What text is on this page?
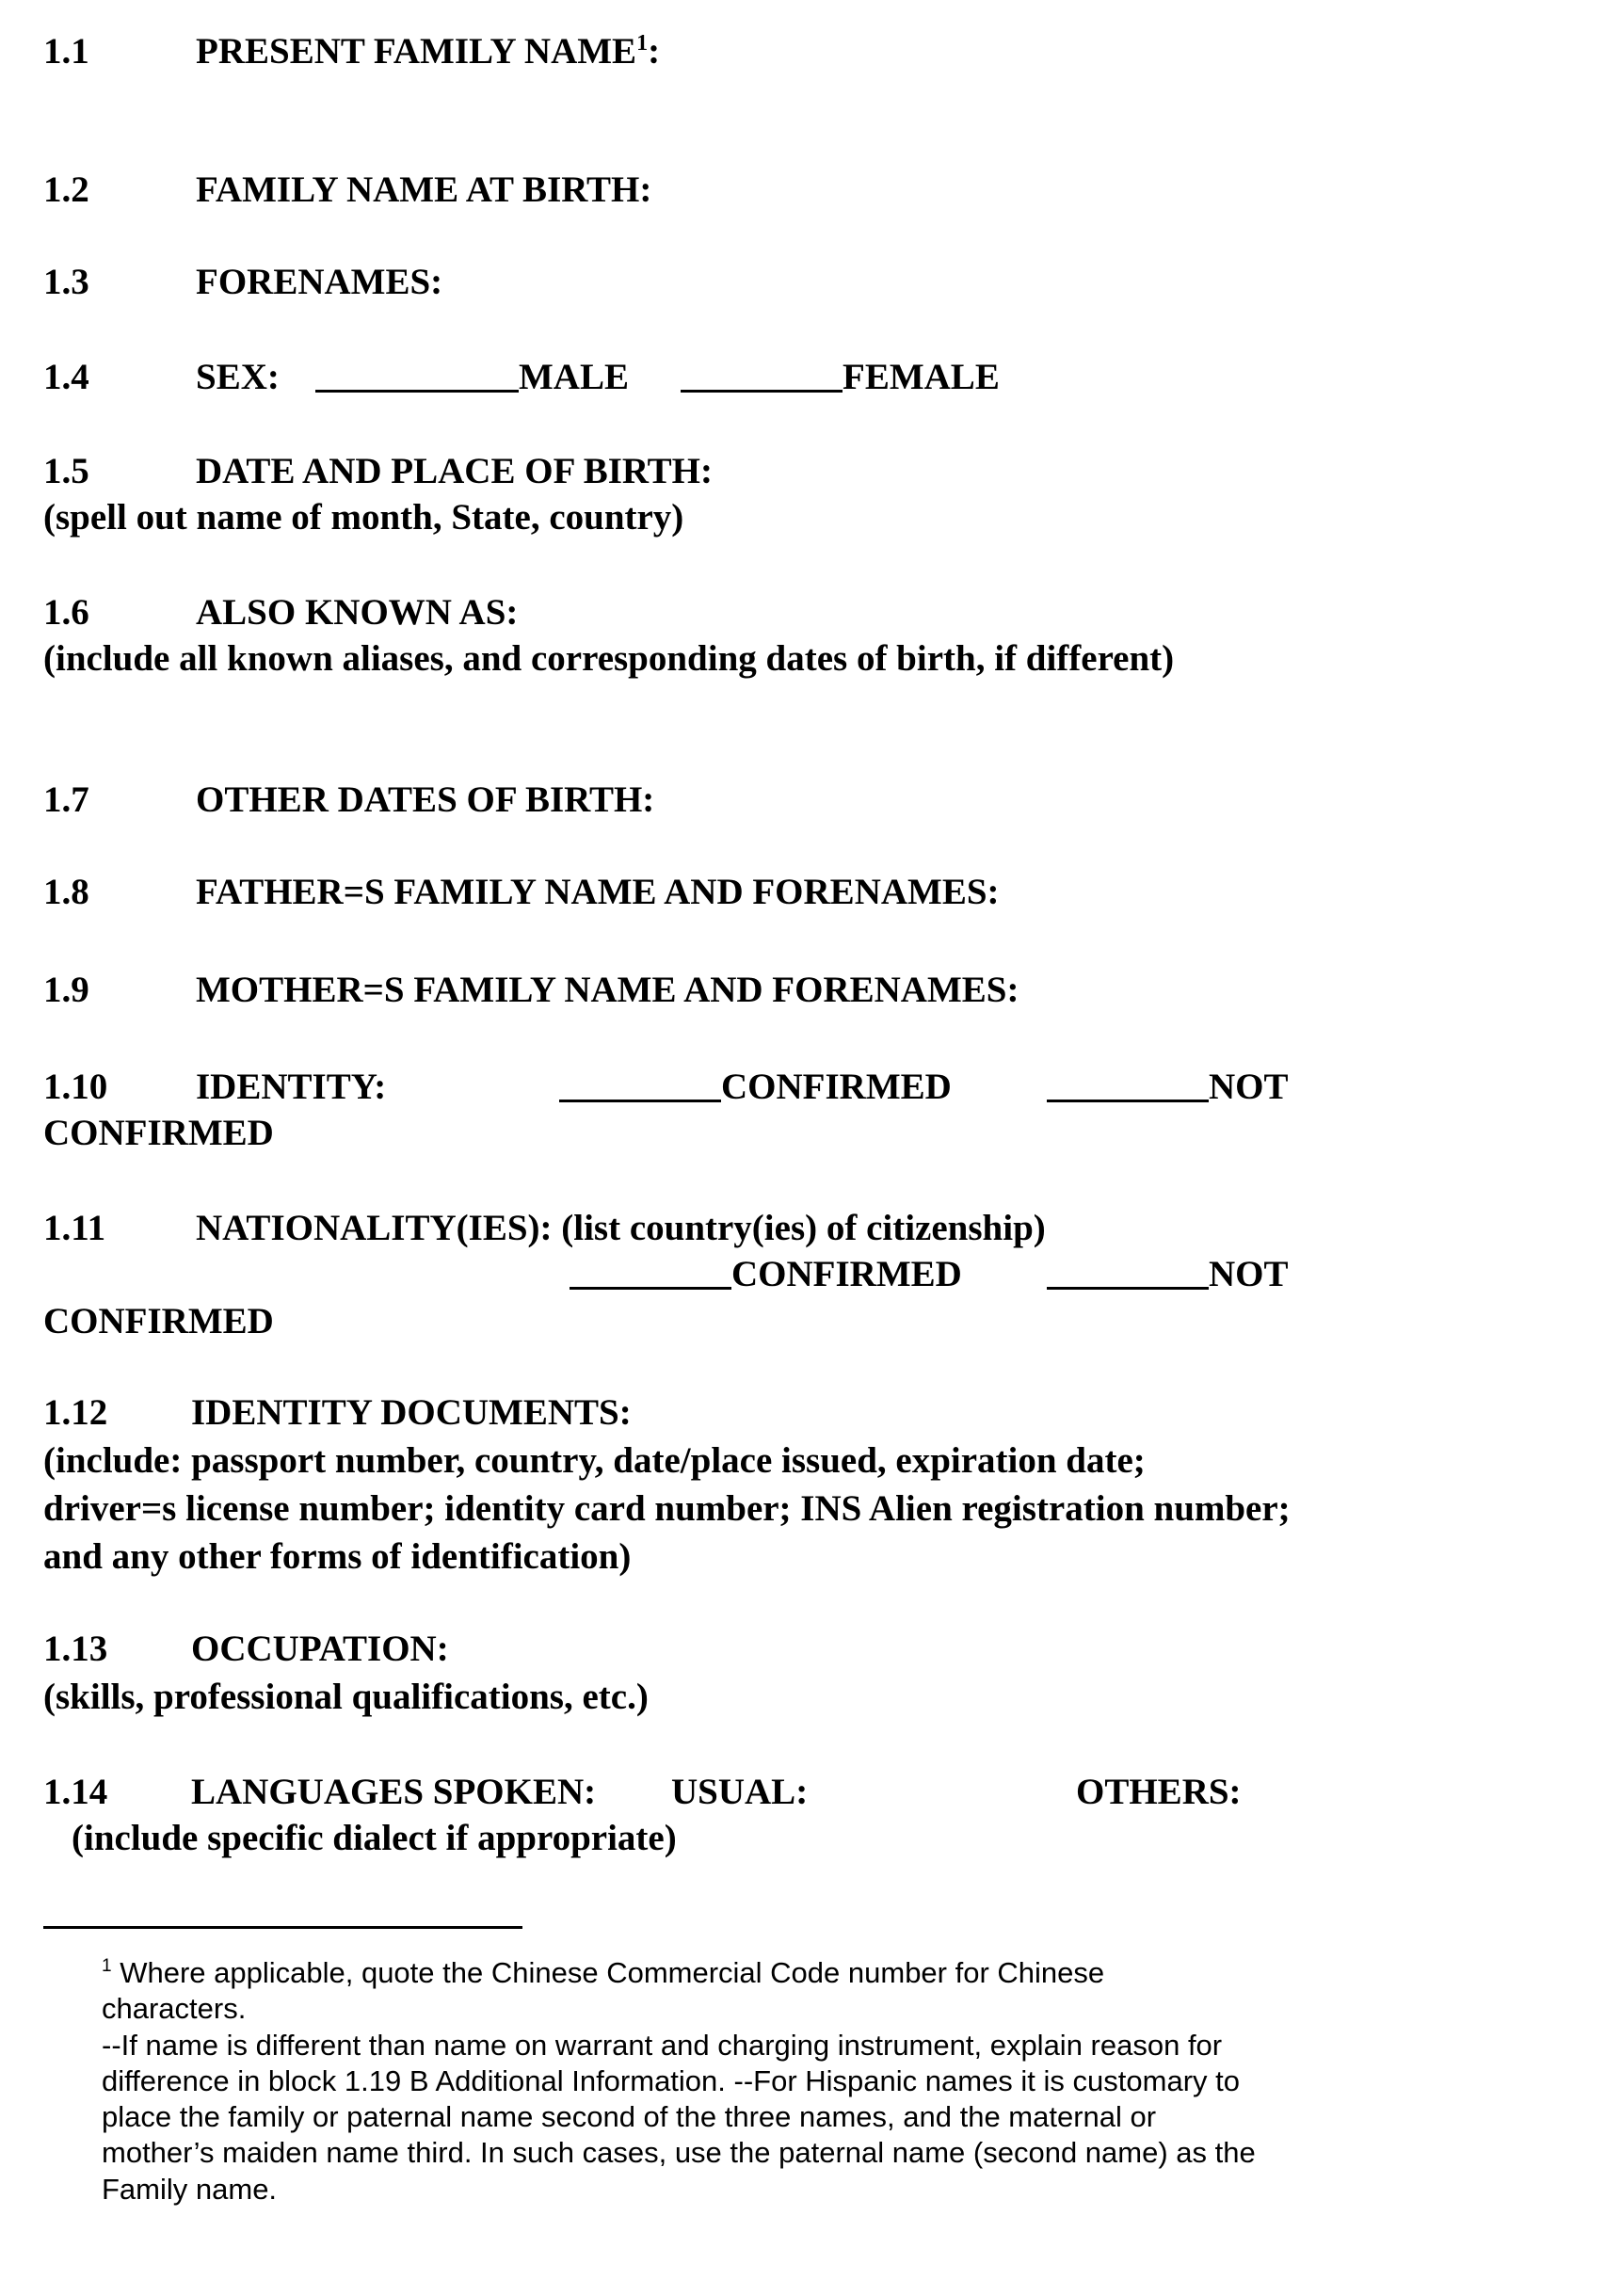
1.1	PRESENT FAMILY NAME$^1$:
1.2	FAMILY NAME AT BIRTH:
1.3	FORENAMES:
1.4	SEX:	MALE	FEMALE
1.5	DATE AND PLACE OF BIRTH:
(spell out name of month, State, country)
1.6	ALSO KNOWN AS:
(include all known aliases, and corresponding dates of birth, if different)
1.7	OTHER DATES OF BIRTH:
1.8	FATHER=S FAMILY NAME AND FORENAMES:
1.9	MOTHER=S FAMILY NAME AND FORENAMES:
1.10 IDENTITY:	CONFIRMED	NOT
CONFIRMED
1.11 NATIONALITY(IES): (list country(ies) of citizenship)
CONFIRMED	NOT
CONFIRMED
1.12 IDENTITY DOCUMENTS:
(include: passport number, country, date/place issued, expiration date;
driver=s license number; identity card number; INS Alien registration number;
and any other forms of identification)
1.13 OCCUPATION:
(skills, professional qualifications, etc.)
1.14 LANGUAGES SPOKEN: USUAL:	OTHERS:
(include specific dialect if appropriate)
$^1$ Where applicable, quote the Chinese Commercial Code number for Chinese
characters.
--If name is different than name on warrant and charging instrument, explain reason for
difference in block 1.19 B Additional Information. --For Hispanic names it is customary to
place the family or paternal name second of the three names, and the maternal or
mother’s maiden name third. In such cases, use the paternal name (second name) as the
Family name.
